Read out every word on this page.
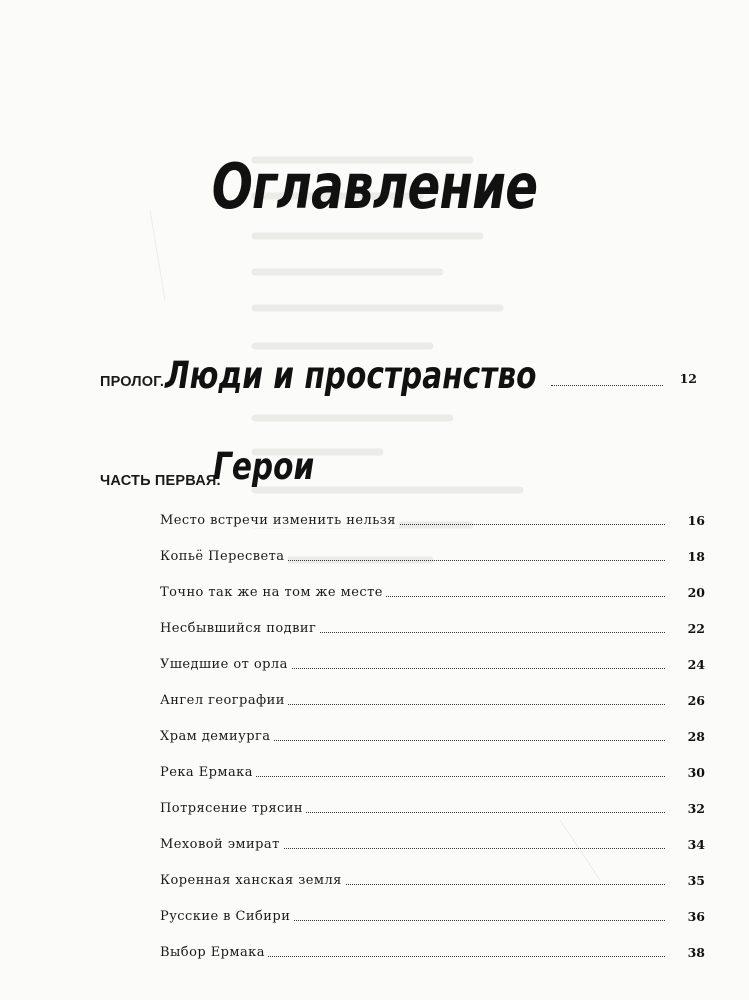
Оглавление
ПРОЛОГ. Люди и пространство	12
ЧАСТЬ ПЕРВАЯ.
Герои
Место встречи изменить нельзя	16
Копьё Пересвета	18
Точно так же на том же месте	20
Несбывшийся подвиг	22
Ушедшие от орла	24
Ангел географии	26
Храм демиурга	28
Река Ермака	30
Потрясение трясин	32
Меховой эмират	34
Коренная ханская земля	35
Русские в Сибири	36
Выбор Ермака	38
